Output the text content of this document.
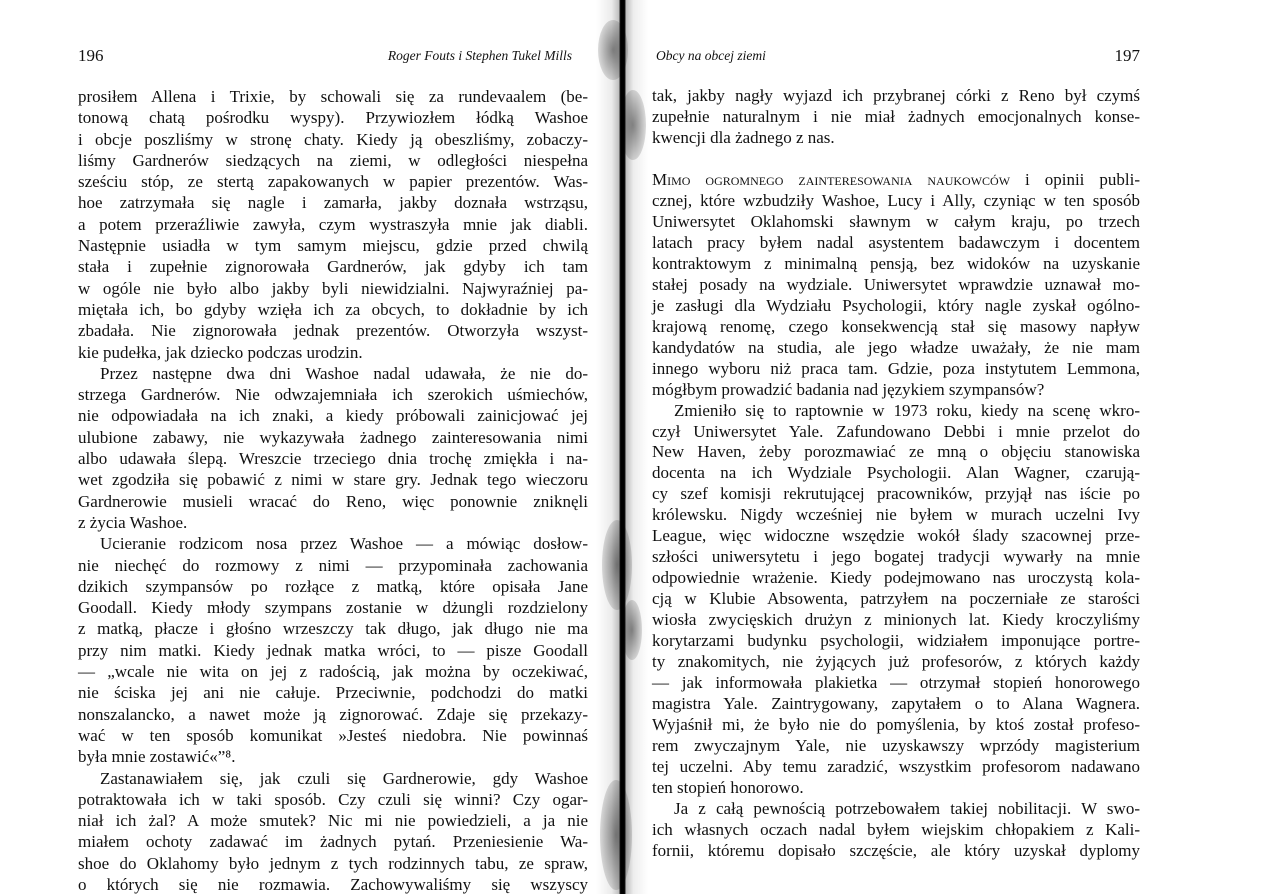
196	Roger Fouts i Stephen Tukel Mills
prosiłem Allena i Trixie, by schowali się za rundevaalem (be-
tonową chatą pośrodku wyspy). Przywiozłem łódką Washoe
i obcje poszliśmy w stronę chaty. Kiedy ją obeszliśmy, zobaczy-
liśmy Gardnerów siedzących na ziemi, w odległości niespełna
sześciu stóp, ze stertą zapakowanych w papier prezentów. Was-
hoe zatrzymała się nagle i zamarła, jakby doznała wstrząsu,
a potem przeraźliwie zawyła, czym wystraszyła mnie jak diabli.
Następnie usiadła w tym samym miejscu, gdzie przed chwilą
stała i zupełnie zignorowała Gardnerów, jak gdyby ich tam
w ogóle nie było albo jakby byli niewidzialni. Najwyraźniej pa-
miętała ich, bo gdyby wzięła ich za obcych, to dokładnie by ich
zbadała. Nie zignorowała jednak prezentów. Otworzyła wszyst-
kie pudełka, jak dziecko podczas urodzin.
Przez następne dwa dni Washoe nadal udawała, że nie do-
strzega Gardnerów. Nie odwzajemniała ich szerokich uśmiechów,
nie odpowiadała na ich znaki, a kiedy próbowali zainicjować jej
ulubione zabawy, nie wykazywała żadnego zainteresowania nimi
albo udawała ślepą. Wreszcie trzeciego dnia trochę zmiękła i na-
wet zgodziła się pobawić z nimi w stare gry. Jednak tego wieczoru
Gardnerowie musieli wracać do Reno, więc ponownie zniknęli
z życia Washoe.
Ucieranie rodzicom nosa przez Washoe — a mówiąc dosłow-
nie niechęć do rozmowy z nimi — przypominała zachowania
dzikich szympansów po rozłące z matką, które opisała Jane
Goodall. Kiedy młody szympans zostanie w dżungli rozdzielony
z matką, płacze i głośno wrzeszczy tak długo, jak długo nie ma
przy nim matki. Kiedy jednak matka wróci, to — pisze Goodall
— „wcale nie wita on jej z radością, jak można by oczekiwać,
nie ściska jej ani nie całuje. Przeciwnie, podchodzi do matki
nonszalancko, a nawet może ją zignorować. Zdaje się przekazy-
wać w ten sposób komunikat »Jesteś niedobra. Nie powinnaś
była mnie zostawić«”⁸.
Zastanawiałem się, jak czuli się Gardnerowie, gdy Washoe
potraktowała ich w taki sposób. Czy czuli się winni? Czy ogar-
niał ich żal? A może smutek? Nic mi nie powiedzieli, a ja nie
miałem ochoty zadawać im żadnych pytań. Przeniesienie Wa-
shoe do Oklahomy było jednym z tych rodzinnych tabu, ze spraw,
o których się nie rozmawia. Zachowywaliśmy się wszyscy
Obcy na obcej ziemi	197
tak, jakby nagły wyjazd ich przybranej córki z Reno był czymś
zupełnie naturalnym i nie miał żadnych emocjonalnych konse-
kwencji dla żadnego z nas.
Mimo ogromnego zainteresowania naukowców i opinii publi-
cznej, które wzbudziły Washoe, Lucy i Ally, czyniąc w ten sposób
Uniwersytet Oklahomski sławnym w całym kraju, po trzech
latach pracy byłem nadal asystentem badawczym i docentem
kontraktowym z minimalną pensją, bez widoków na uzyskanie
stałej posady na wydziale. Uniwersytet wprawdzie uznawał mo-
je zasługi dla Wydziału Psychologii, który nagle zyskał ogólno-
krajową renomę, czego konsekwencją stał się masowy napływ
kandydatów na studia, ale jego władze uważały, że nie mam
innego wyboru niż praca tam. Gdzie, poza instytutem Lemmona,
mógłbym prowadzić badania nad językiem szympansów?
Zmieniło się to raptownie w 1973 roku, kiedy na scenę wkro-
czył Uniwersytet Yale. Zafundowano Debbi i mnie przelot do
New Haven, żeby porozmawiać ze mną o objęciu stanowiska
docenta na ich Wydziale Psychologii. Alan Wagner, czarują-
cy szef komisji rekrutującej pracowników, przyjął nas iście po
królewsku. Nigdy wcześniej nie byłem w murach uczelni Ivy
League, więc widoczne wszędzie wokół ślady szacownej prze-
szłości uniwersytetu i jego bogatej tradycji wywarły na mnie
odpowiednie wrażenie. Kiedy podejmowano nas uroczystą kola-
cją w Klubie Absowenta, patrzyłem na poczerniałe ze starości
wiosła zwycięskich drużyn z minionych lat. Kiedy kroczyliśmy
korytarzami budynku psychologii, widziałem imponujące portre-
ty znakomitych, nie żyjących już profesorów, z których każdy
— jak informowała plakietka — otrzymał stopień honorowego
magistra Yale. Zaintrygowany, zapytałem o to Alana Wagnera.
Wyjaśnił mi, że było nie do pomyślenia, by ktoś został profeso-
rem zwyczajnym Yale, nie uzyskawszy wprzódy magisterium
tej uczelni. Aby temu zaradzić, wszystkim profesorom nadawano
ten stopień honorowo.
Ja z całą pewnością potrzebowałem takiej nobilitacji. W swo-
ich własnych oczach nadal byłem wiejskim chłopakiem z Kali-
fornii, któremu dopisało szczęście, ale który uzyskał dyplomy
